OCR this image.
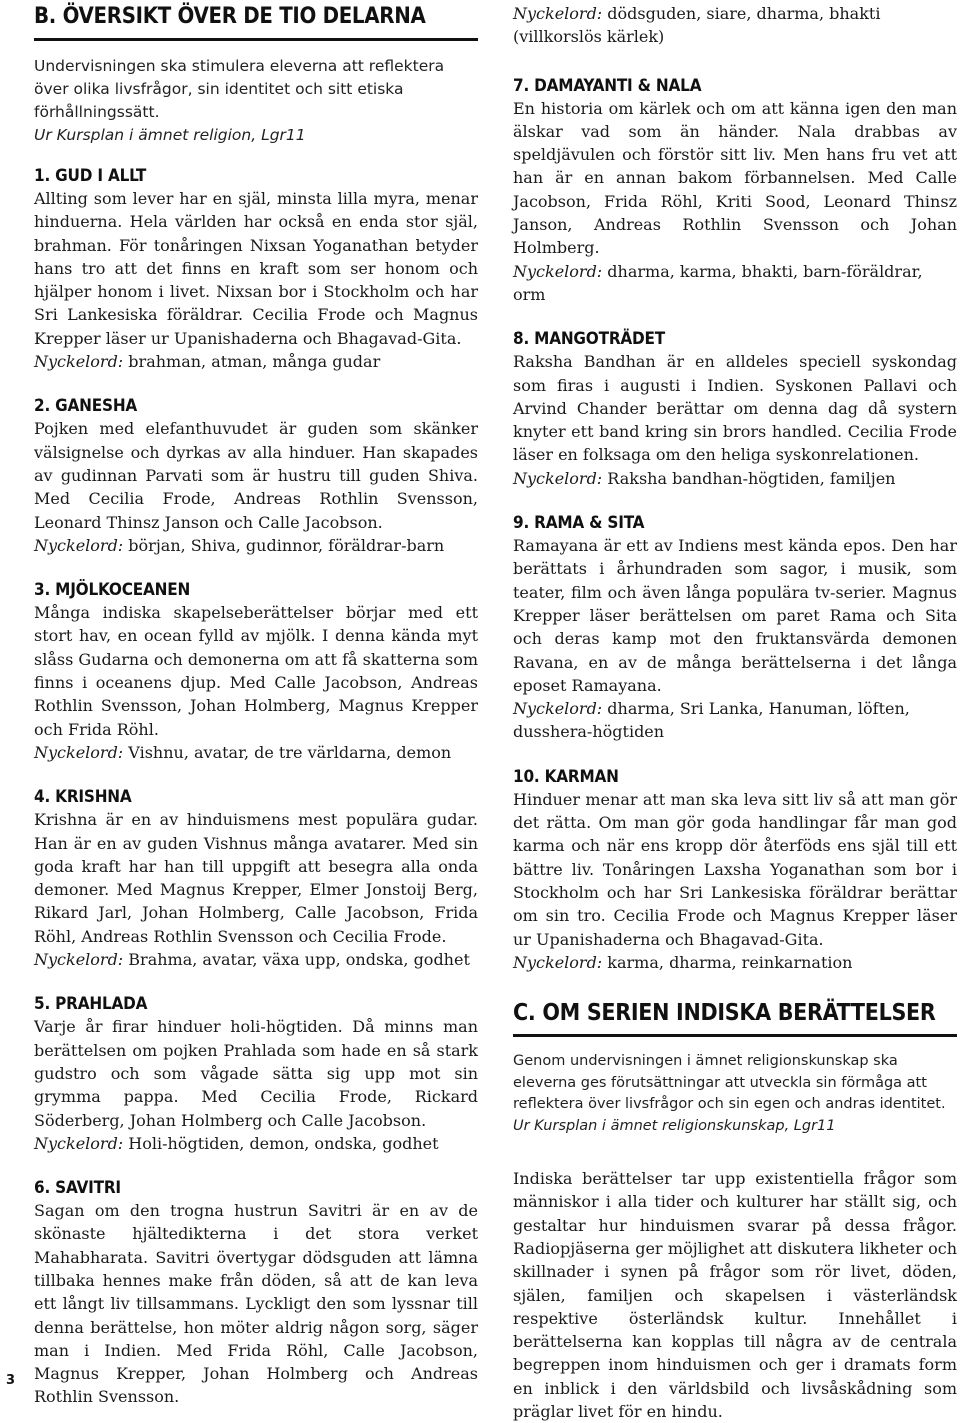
B. ÖVERSIKT ÖVER DE TIO DELARNA
Undervisningen ska stimulera eleverna att reflektera över olika livsfrågor, sin identitet och sitt etiska förhållningssätt.
Ur Kursplan i ämnet religion, Lgr11
1. GUD I ALLT
Allting som lever har en själ, minsta lilla myra, menar hinduerna. Hela världen har också en enda stor själ, brahman. För tonåringen Nixsan Yoganathan betyder hans tro att det finns en kraft som ser honom och hjälper honom i livet. Nixsan bor i Stockholm och har Sri Lankesiska föräldrar. Cecilia Frode och Magnus Krepper läser ur Upanishaderna och Bhagavad-Gita.
Nyckelord: brahman, atman, många gudar
2. GANESHA
Pojken med elefanthuvudet är guden som skänker välsignelse och dyrkas av alla hinduer. Han skapades av gudinnan Parvati som är hustru till guden Shiva. Med Cecilia Frode, Andreas Rothlin Svensson, Leonard Thinsz Janson och Calle Jacobson.
Nyckelord: början, Shiva, gudinnor, föräldrar-barn
3. MJÖLKOCEANEN
Många indiska skapelseberättelser börjar med ett stort hav, en ocean fylld av mjölk. I denna kända myt slåss Gudarna och demonerna om att få skatterna som finns i oceanens djup. Med Calle Jacobson, Andreas Rothlin Svensson, Johan Holmberg, Magnus Krepper och Frida Röhl.
Nyckelord: Vishnu, avatar, de tre världarna, demon
4. KRISHNA
Krishna är en av hinduismens mest populära gudar. Han är en av guden Vishnus många avatarer. Med sin goda kraft har han till uppgift att besegra alla onda demoner. Med Magnus Krepper, Elmer Jonstoij Berg, Rikard Jarl, Johan Holmberg, Calle Jacobson, Frida Röhl, Andreas Rothlin Svensson och Cecilia Frode.
Nyckelord: Brahma, avatar, växa upp, ondska, godhet
5. PRAHLADA
Varje år firar hinduer holi-högtiden. Då minns man berättelsen om pojken Prahlada som hade en så stark gudstro och som vågade sätta sig upp mot sin grymma pappa. Med Cecilia Frode, Rickard Söderberg, Johan Holmberg och Calle Jacobson.
Nyckelord: Holi-högtiden, demon, ondska, godhet
6. SAVITRI
Sagan om den trogna hustrun Savitri är en av de skönaste hjältedikterna i det stora verket Mahabharata. Savitri övertygar dödsguden att lämna tillbaka hennes make från döden, så att de kan leva ett långt liv tillsammans. Lyckligt den som lyssnar till denna berättelse, hon möter aldrig någon sorg, säger man i Indien. Med Frida Röhl, Calle Jacobson, Magnus Krepper, Johan Holmberg och Andreas Rothlin Svensson.
Nyckelord: dödsguden, siare, dharma, bhakti (villkorslös kärlek)
7. DAMAYANTI & NALA
En historia om kärlek och om att känna igen den man älskar vad som än händer. Nala drabbas av speldjävulen och förstör sitt liv. Men hans fru vet att han är en annan bakom förbannelsen. Med Calle Jacobson, Frida Röhl, Kriti Sood, Leonard Thinsz Janson, Andreas Rothlin Svensson och Johan Holmberg.
Nyckelord: dharma, karma, bhakti, barn-föräldrar, orm
8. MANGOTRÄDET
Raksha Bandhan är en alldeles speciell syskondag som firas i augusti i Indien. Syskonen Pallavi och Arvind Chander berättar om denna dag då systern knyter ett band kring sin brors handled. Cecilia Frode läser en folksaga om den heliga syskonrelationen.
Nyckelord: Raksha bandhan-högtiden, familjen
9. RAMA & SITA
Ramayana är ett av Indiens mest kända epos. Den har berättats i århundraden som sagor, i musik, som teater, film och även långa populära tv-serier. Magnus Krepper läser berättelsen om paret Rama och Sita och deras kamp mot den fruktansvärda demonen Ravana, en av de många berättelserna i det långa eposet Ramayana.
Nyckelord: dharma, Sri Lanka, Hanuman, löften, dusshera-högtiden
10. KARMAN
Hinduer menar att man ska leva sitt liv så att man gör det rätta. Om man gör goda handlingar får man god karma och när ens kropp dör återföds ens själ till ett bättre liv. Tonåringen Laxsha Yoganathan som bor i Stockholm och har Sri Lankesiska föräldrar berättar om sin tro. Cecilia Frode och Magnus Krepper läser ur Upanishaderna och Bhagavad-Gita.
Nyckelord: karma, dharma, reinkarnation
C. OM SERIEN INDISKA BERÄTTELSER
Genom undervisningen i ämnet religionskunskap ska eleverna ges förutsättningar att utveckla sin förmåga att reflektera över livsfrågor och sin egen och andras identitet.
Ur Kursplan i ämnet religionskunskap, Lgr11
Indiska berättelser tar upp existentiella frågor som människor i alla tider och kulturer har ställt sig, och gestaltar hur hinduismen svarar på dessa frågor. Radiopjäserna ger möjlighet att diskutera likheter och skillnader i synen på frågor som rör livet, döden, själen, familjen och skapelsen i västerländsk respektive österländsk kultur. Innehållet i berättelserna kan kopplas till några av de centrala begreppen inom hinduismen och ger i dramats form en inblick i den världsbild och livsåskådning som präglar livet för en hindu.
3
